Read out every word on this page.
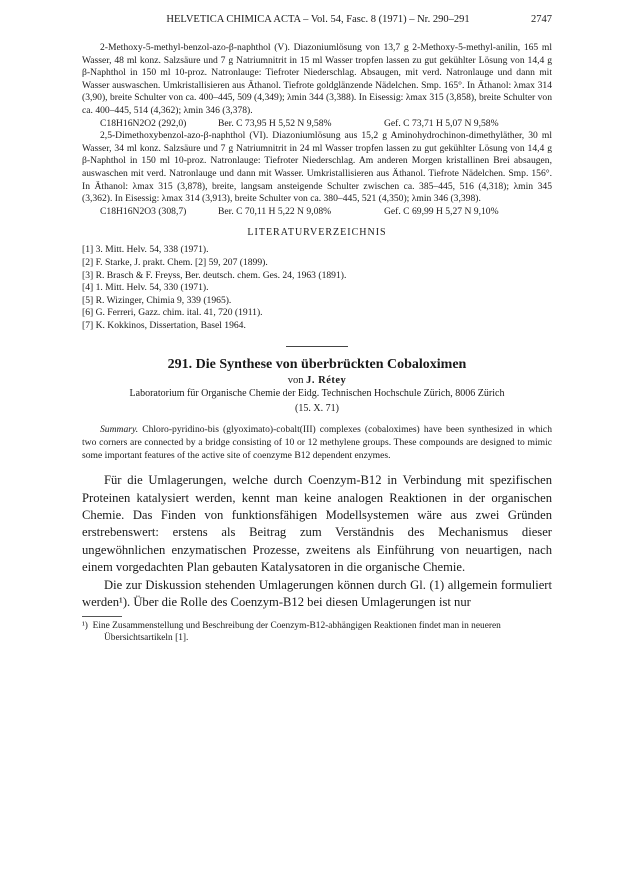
HELVETICA CHIMICA ACTA – Vol. 54, Fasc. 8 (1971) – Nr. 290–291	2747

2-Methoxy-5-methyl-benzol-azo-β-naphthol (V). Diazoniumlösung von 13,7 g 2-Methoxy-5-methyl-anilin, 165 ml Wasser, 48 ml konz. Salzsäure und 7 g Natriumnitrit in 15 ml Wasser tropfen lassen zu gut gekühlter Lösung von 14,4 g β-Naphthol in 150 ml 10-proz. Natronlauge: Tiefroter Niederschlag. Absaugen, mit verd. Natronlauge und dann mit Wasser auswaschen. Umkristallisieren aus Äthanol. Tiefrote goldglänzende Nädelchen. Smp. 165°. In Äthanol: λmax 314 (3,90), breite Schulter von ca. 400–445, 509 (4,349); λmin 344 (3,388). In Eisessig: λmax 315 (3,858), breite Schulter von ca. 400–445, 514 (4,362); λmin 346 (3,378).

C18H16N2O2 (292,0)	Ber. C 73,95 H 5,52 N 9,58%	Gef. C 73,71 H 5,07 N 9,58%

2,5-Dimethoxybenzol-azo-β-naphthol (VI). Diazoniumlösung aus 15,2 g Aminohydrochinon-dimethyläther, 30 ml Wasser, 34 ml konz. Salzsäure und 7 g Natriumnitrit in 24 ml Wasser tropfen lassen zu gut gekühlter Lösung von 14,4 g β-Naphthol in 150 ml 10-proz. Natronlauge: Tiefroter Niederschlag. Am anderen Morgen kristallinen Brei absaugen, auswaschen mit verd. Natronlauge und dann mit Wasser. Umkristallisieren aus Äthanol. Tiefrote Nädelchen. Smp. 156°. In Äthanol: λmax 315 (3,878), breite, langsam ansteigende Schulter zwischen ca. 385–445, 516 (4,318); λmin 345 (3,362). In Eisessig: λmax 314 (3,913), breite Schulter von ca. 380–445, 521 (4,350); λmin 346 (3,398).

C18H16N2O3 (308,7)	Ber. C 70,11 H 5,22 N 9,08%	Gef. C 69,99 H 5,27 N 9,10%
LITERATURVERZEICHNIS

[1] 3. Mitt. Helv. 54, 338 (1971).

[2] F. Starke, J. prakt. Chem. [2] 59, 207 (1899).

[3] R. Brasch & F. Freyss, Ber. deutsch. chem. Ges. 24, 1963 (1891).

[4] 1. Mitt. Helv. 54, 330 (1971).

[5] R. Wizinger, Chimia 9, 339 (1965).

[6] G. Ferreri, Gazz. chim. ital. 41, 720 (1911).

[7] K. Kokkinos, Dissertation, Basel 1964.

291. Die Synthese von überbrückten Cobaloximen
von J. Rétey
Laboratorium für Organische Chemie der Eidg. Technischen Hochschule Zürich, 8006 Zürich
(15. X. 71)

Summary. Chloro-pyridino-bis (glyoximato)-cobalt(III) complexes (cobaloximes) have been synthesized in which two corners are connected by a bridge consisting of 10 or 12 methylene groups. These compounds are designed to mimic some important features of the active site of coenzyme B12 dependent enzymes.

Für die Umlagerungen, welche durch Coenzym-B12 in Verbindung mit spezifischen Proteinen katalysiert werden, kennt man keine analogen Reaktionen in der organischen Chemie. Das Finden von funktionsfähigen Modellsystemen wäre aus zwei Gründen erstrebenswert: erstens als Beitrag zum Verständnis des Mechanismus dieser ungewöhnlichen enzymatischen Prozesse, zweitens als Einführung von neuartigen, nach einem vorgedachten Plan gebauten Katalysatoren in die organische Chemie.

Die zur Diskussion stehenden Umlagerungen können durch Gl. (1) allgemein formuliert werden¹). Über die Rolle des Coenzym-B12 bei diesen Umlagerungen ist nur

¹) Eine Zusammenstellung und Beschreibung der Coenzym-B12-abhängigen Reaktionen findet man in neueren Übersichtsartikeln [1].
